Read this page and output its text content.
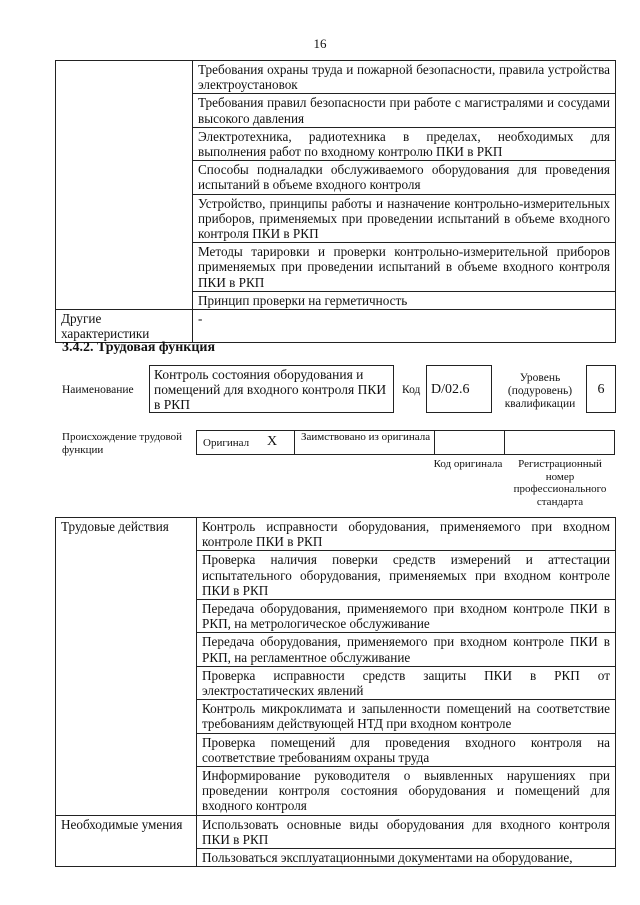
16
	Требования охраны труда и пожарной безопасности, правила устройства электроустановок
	Требования правил безопасности при работе с магистралями и сосудами высокого давления
	Электротехника, радиотехника в пределах, необходимых для выполнения работ по входному контролю ПКИ в РКП
	Способы подналадки обслуживаемого оборудования для проведения испытаний в объеме входного контроля
	Устройство, принципы работы и назначение контрольно-измерительных приборов, применяемых при проведении испытаний в объеме входного контроля ПКИ в РКП
	Методы тарировки и проверки контрольно-измерительной приборов применяемых при проведении испытаний в объеме входного контроля ПКИ в РКП
	Принцип проверки на герметичность
Другие характеристики	-
3.4.2. Трудовая функция
Наименование
Контроль состояния оборудования и помещений для входного контроля ПКИ в РКП
Код D/02.6
Уровень (подуровень) квалификации
6
Происхождение трудовой функции
Оригинал X Заимствовано из оригинала
Код оригинала	Регистрационный номер профессионального стандарта
Трудовые действия	Контроль исправности оборудования, применяемого при входном контроле ПКИ в РКП
	Проверка наличия поверки средств измерений и аттестации испытательного оборудования, применяемых при входном контроле ПКИ в РКП
	Передача оборудования, применяемого при входном контроле ПКИ в РКП, на метрологическое обслуживание
	Передача оборудования, применяемого при входном контроле ПКИ в РКП, на регламентное обслуживание
	Проверка исправности средств защиты ПКИ в РКП от электростатических явлений
	Контроль микроклимата и запыленности помещений на соответствие требованиям действующей НТД при входном контроле
	Проверка помещений для проведения входного контроля на соответствие требованиям охраны труда
	Информирование руководителя о выявленных нарушениях при проведении контроля состояния оборудования и помещений для входного контроля
Необходимые умения	Использовать основные виды оборудования для входного контроля ПКИ в РКП
	Пользоваться эксплуатационными документами на оборудование,
